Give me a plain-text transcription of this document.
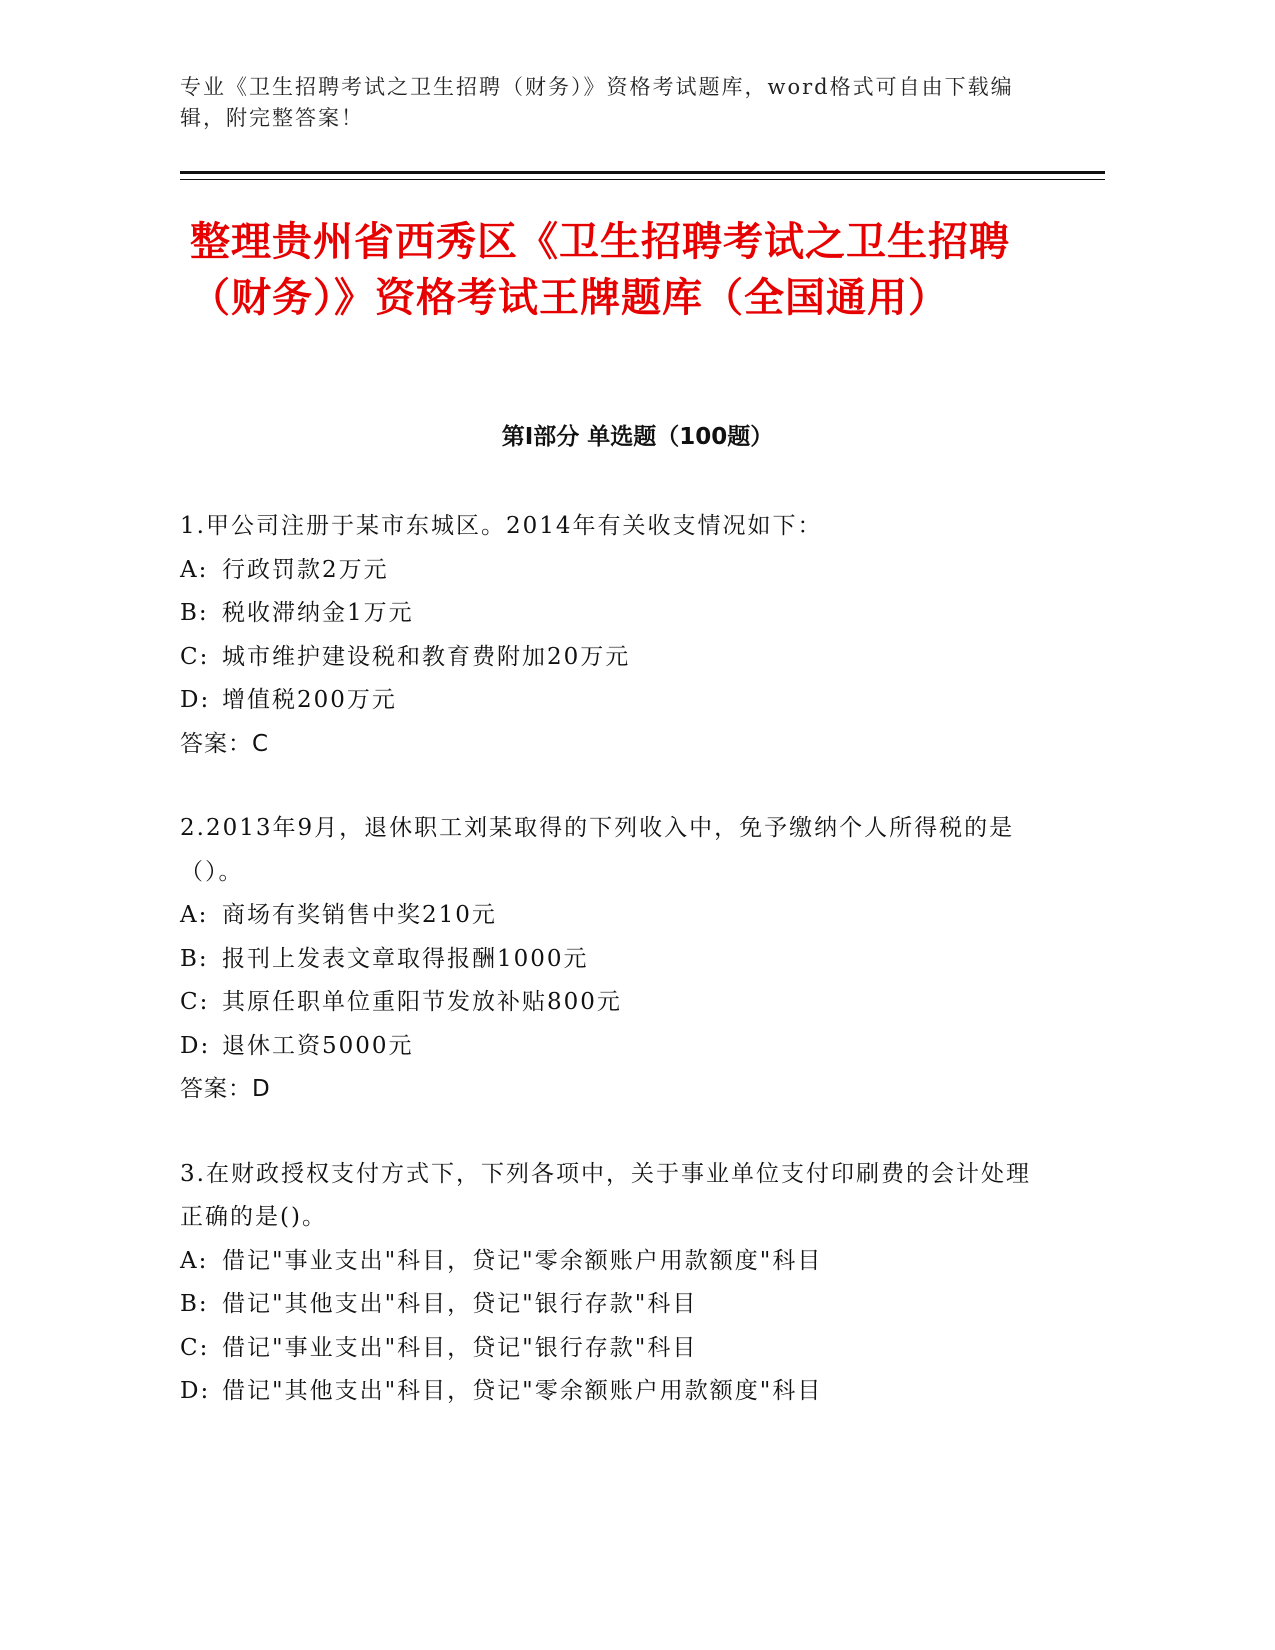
专业《卫生招聘考试之卫生招聘（财务）》资格考试题库，word格式可自由下载编辑，附完整答案！

整理贵州省西秀区《卫生招聘考试之卫生招聘（财务）》资格考试王牌题库（全国通用）
第Ⅰ部分 单选题（100题）

1.甲公司注册于某市东城区。2014年有关收支情况如下：

A: 行政罚款2万元

B: 税收滞纳金1万元

C: 城市维护建设税和教育费附加20万元

D: 增值税200万元

答案：C

2.2013年9月，退休职工刘某取得的下列收入中，免予缴纳个人所得税的是（）。

A: 商场有奖销售中奖210元

B: 报刊上发表文章取得报酬1000元

C: 其原任职单位重阳节发放补贴800元

D: 退休工资5000元

答案：D

3.在财政授权支付方式下，下列各项中，关于事业单位支付印刷费的会计处理正确的是()。

A: 借记"事业支出"科目，贷记"零余额账户用款额度"科目

B: 借记"其他支出"科目，贷记"银行存款"科目

C: 借记"事业支出"科目，贷记"银行存款"科目

D: 借记"其他支出"科目，贷记"零余额账户用款额度"科目
